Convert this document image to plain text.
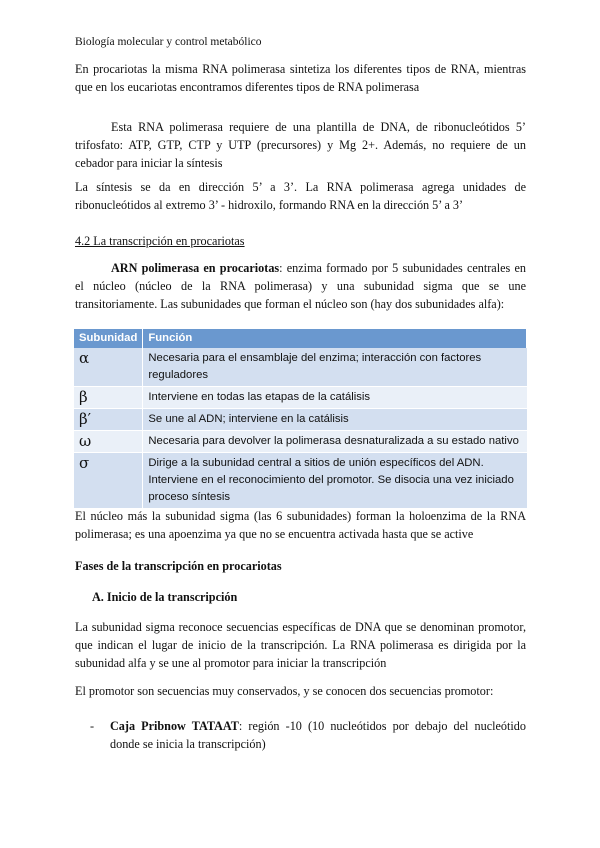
Biología molecular y control metabólico

En procariotas la misma RNA polimerasa sintetiza los diferentes tipos de RNA, mientras que en los eucariotas encontramos diferentes tipos de RNA polimerasa

Esta RNA polimerasa requiere de una plantilla de DNA, de ribonucleótidos 5’ trifosfato: ATP, GTP, CTP y UTP (precursores) y Mg 2+. Además, no requiere de un cebador para iniciar la síntesis

La síntesis se da en dirección 5’ a 3’. La RNA polimerasa agrega unidades de ribonucleótidos al extremo 3’ - hidroxilo, formando RNA en la dirección 5’ a 3’

4.2 La transcripción en procariotas

ARN polimerasa en procariotas: enzima formado por 5 subunidades centrales en el núcleo (núcleo de la RNA polimerasa) y una subunidad sigma que se une transitoriamente. Las subunidades que forman el núcleo son (hay dos subunidades alfa):

Subunidad	Función
α	Necesaria para el ensamblaje del enzima; interacción con factores reguladores
β	Interviene en todas las etapas de la catálisis
β′	Se une al ADN; interviene en la catálisis
ω	Necesaria para devolver la polimerasa desnaturalizada a su estado nativo
σ	Dirige a la subunidad central a sitios de unión específicos del ADN. Interviene en el reconocimiento del promotor. Se disocia una vez iniciado proceso síntesis

El núcleo más la subunidad sigma (las 6 subunidades) forman la holoenzima de la RNA polimerasa; es una apoenzima ya que no se encuentra activada hasta que se active

Fases de la transcripción en procariotas

A. Inicio de la transcripción

La subunidad sigma reconoce secuencias específicas de DNA que se denominan promotor, que indican el lugar de inicio de la transcripción. La RNA polimerasa es dirigida por la subunidad alfa y se une al promotor para iniciar la transcripción

El promotor son secuencias muy conservados, y se conocen dos secuencias promotor:

- Caja Pribnow TATAAT: región -10 (10 nucleótidos por debajo del nucleótido donde se inicia la transcripción)
